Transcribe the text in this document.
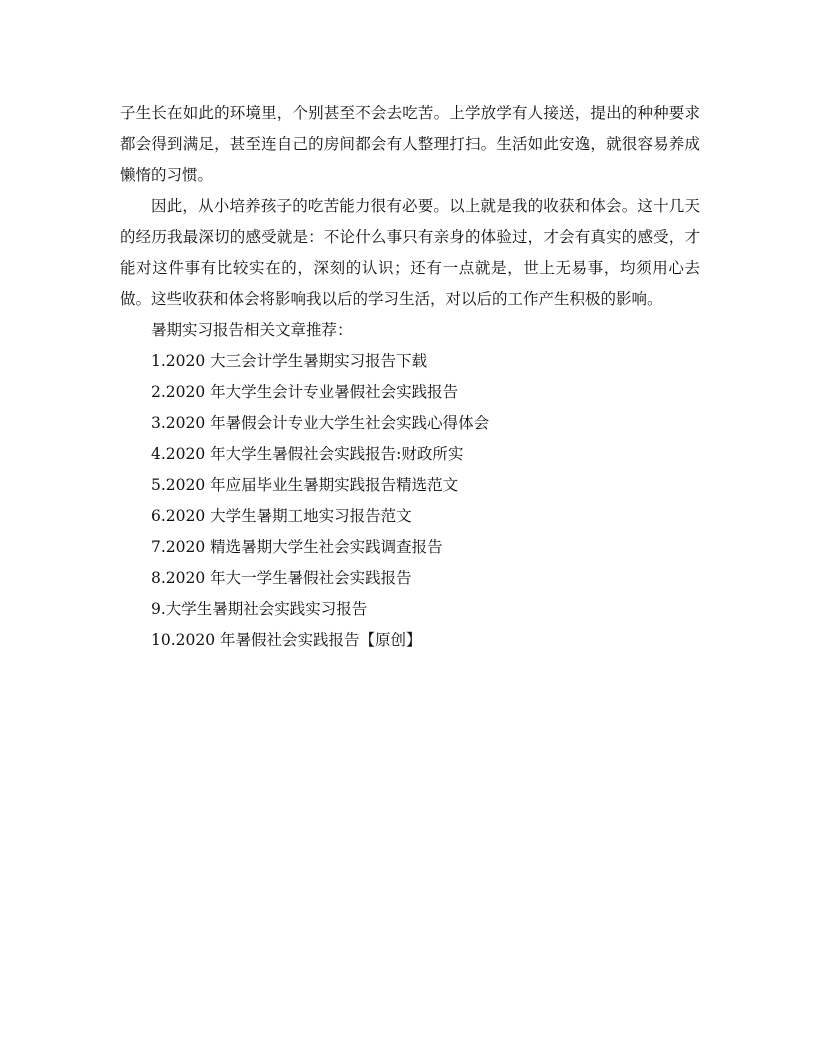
子生长在如此的环境里，个别甚至不会去吃苦。上学放学有人接送，提出的种种要求都会得到满足，甚至连自己的房间都会有人整理打扫。生活如此安逸，就很容易养成懒惰的习惯。

因此，从小培养孩子的吃苦能力很有必要。以上就是我的收获和体会。这十几天的经历我最深切的感受就是：不论什么事只有亲身的体验过，才会有真实的感受，才能对这件事有比较实在的，深刻的认识；还有一点就是，世上无易事，均须用心去做。这些收获和体会将影响我以后的学习生活，对以后的工作产生积极的影响。

暑期实习报告相关文章推荐：

1.2020 大三会计学生暑期实习报告下载
2.2020 年大学生会计专业暑假社会实践报告
3.2020 年暑假会计专业大学生社会实践心得体会
4.2020 年大学生暑假社会实践报告:财政所实
5.2020 年应届毕业生暑期实践报告精选范文
6.2020 大学生暑期工地实习报告范文
7.2020 精选暑期大学生社会实践调查报告
8.2020 年大一学生暑假社会实践报告
9.大学生暑期社会实践实习报告
10.2020 年暑假社会实践报告【原创】
